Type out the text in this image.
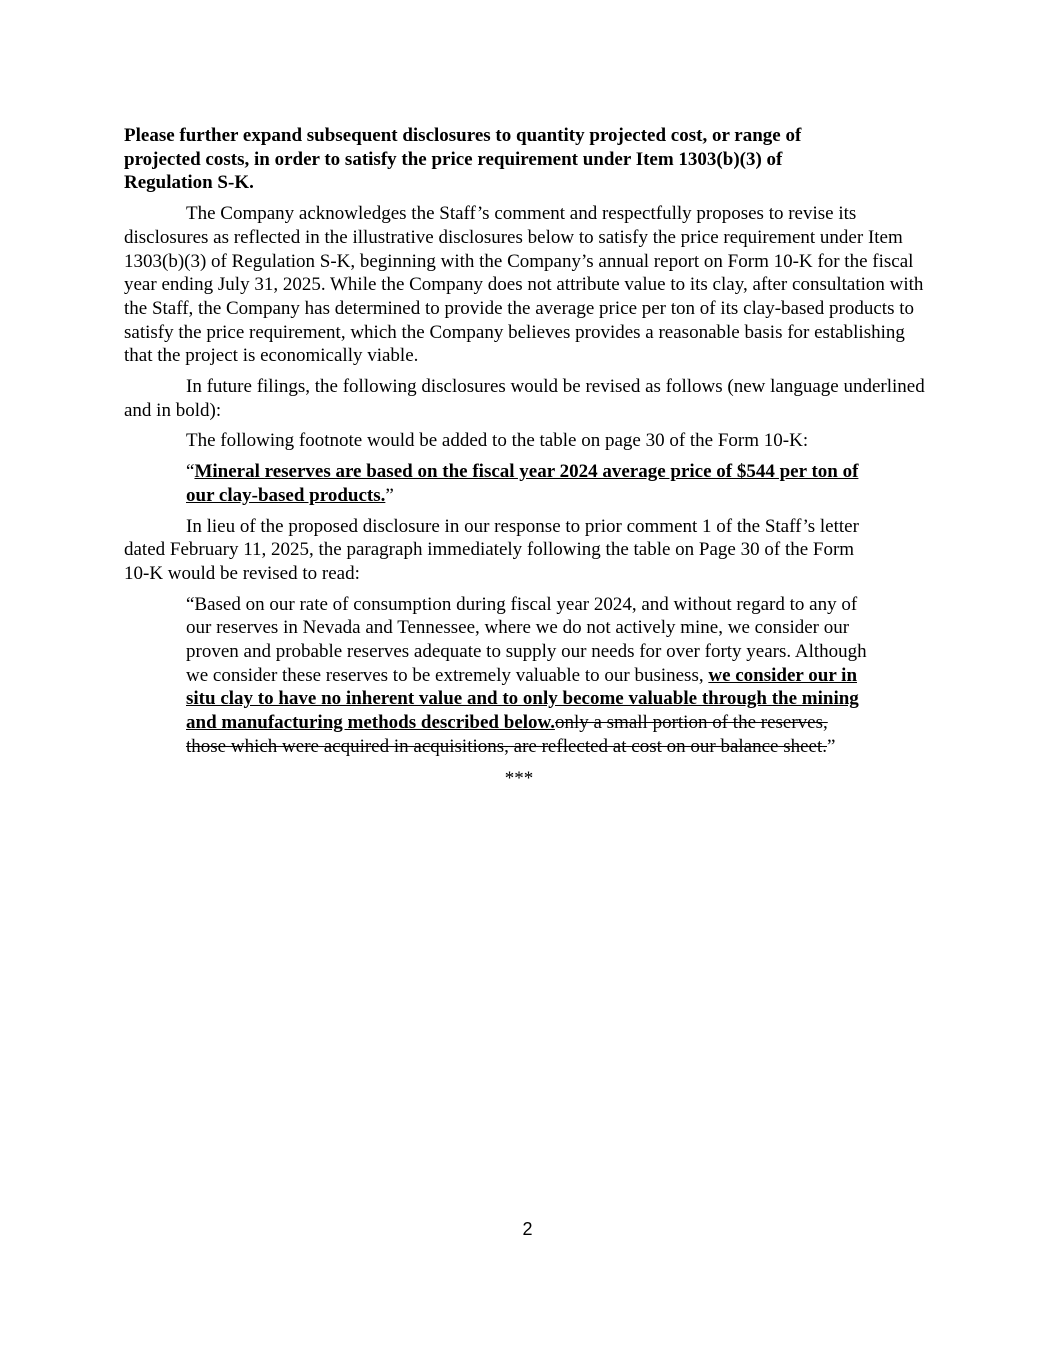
Please further expand subsequent disclosures to quantity projected cost, or range of projected costs, in order to satisfy the price requirement under Item 1303(b)(3) of Regulation S-K.

The Company acknowledges the Staff’s comment and respectfully proposes to revise its disclosures as reflected in the illustrative disclosures below to satisfy the price requirement under Item 1303(b)(3) of Regulation S-K, beginning with the Company’s annual report on Form 10-K for the fiscal year ending July 31, 2025. While the Company does not attribute value to its clay, after consultation with the Staff, the Company has determined to provide the average price per ton of its clay-based products to satisfy the price requirement, which the Company believes provides a reasonable basis for establishing that the project is economically viable.

In future filings, the following disclosures would be revised as follows (new language underlined and in bold):

The following footnote would be added to the table on page 30 of the Form 10-K:

“Mineral reserves are based on the fiscal year 2024 average price of $544 per ton of our clay-based products.”

In lieu of the proposed disclosure in our response to prior comment 1 of the Staff’s letter dated February 11, 2025, the paragraph immediately following the table on Page 30 of the Form 10-K would be revised to read:

“Based on our rate of consumption during fiscal year 2024, and without regard to any of our reserves in Nevada and Tennessee, where we do not actively mine, we consider our proven and probable reserves adequate to supply our needs for over forty years. Although we consider these reserves to be extremely valuable to our business, we consider our in situ clay to have no inherent value and to only become valuable through the mining and manufacturing methods described below.only a small portion of the reserves, those which were acquired in acquisitions, are reflected at cost on our balance sheet.”

***

2
